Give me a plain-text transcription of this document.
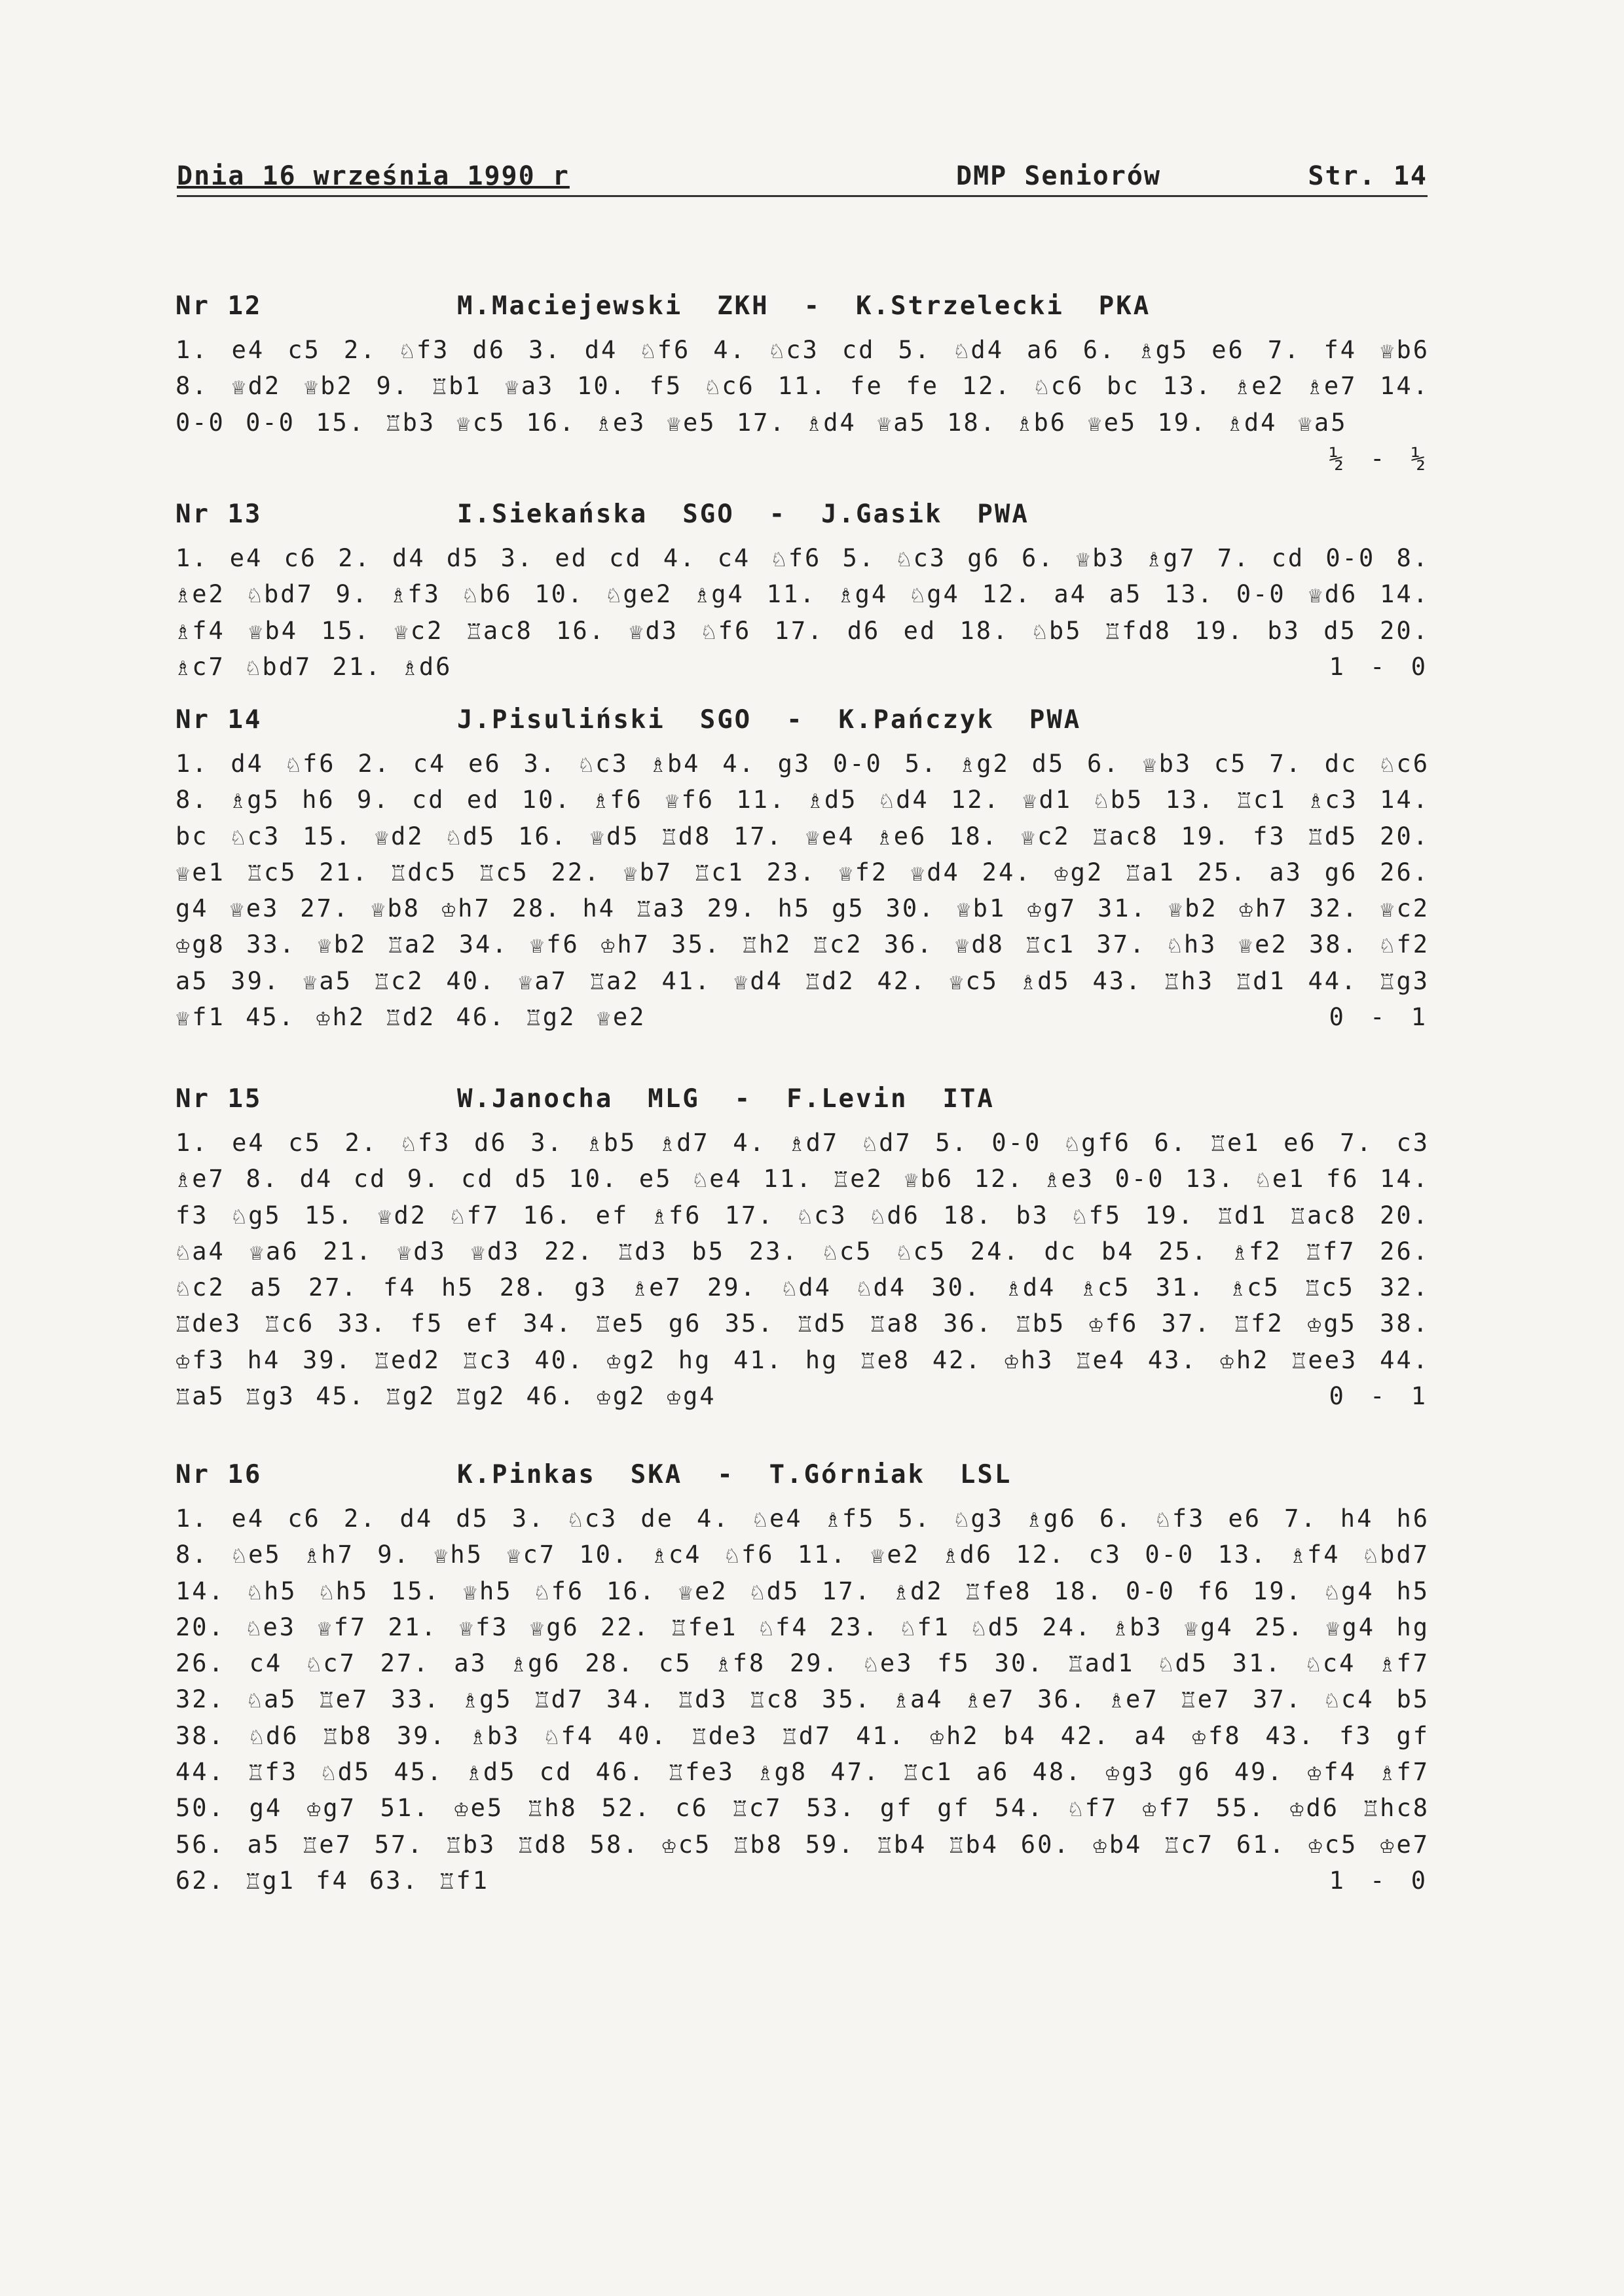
Dnia 16 września 1990 r	DMP Seniorów	Str. 14
Nr 12	M.Maciejewski  ZKH  -  K.Strzelecki  PKA
1. e4 c5 2. ♘f3 d6 3. d4 ♘f6 4. ♘c3 cd 5. ♘d4 a6 6. ♗g5 e6 7. f4 ♕b6 8. ♕d2 ♕b2 9. ♖b1 ♕a3 10. f5 ♘c6 11. fe fe 12. ♘c6 bc 13. ♗e2 ♗e7 14. 0-0 0-0 15. ♖b3 ♕c5 16. ♗e3 ♕e5 17. ♗d4 ♕a5 18. ♗b6 ♕e5 19. ♗d4 ♕a5
½ - ½
Nr 13	I.Siekańska  SGO  -  J.Gasik  PWA
1. e4 c6 2. d4 d5 3. ed cd 4. c4 ♘f6 5. ♘c3 g6 6. ♕b3 ♗g7 7. cd 0-0 8. ♗e2 ♘bd7 9. ♗f3 ♘b6 10. ♘ge2 ♗g4 11. ♗g4 ♘g4 12. a4 a5 13. 0-0 ♕d6 14. ♗f4 ♕b4 15. ♕c2 ♖ac8 16. ♕d3 ♘f6 17. d6 ed 18. ♘b5 ♖fd8 19. b3 d5 20. ♗c7 ♘bd7 21. ♗d6	1 - 0
Nr 14	J.Pisuliński  SGO  -  K.Pańczyk  PWA
1. d4 ♘f6 2. c4 e6 3. ♘c3 ♗b4 4. g3 0-0 5. ♗g2 d5 6. ♕b3 c5 7. dc ♘c6 8. ♗g5 h6 9. cd ed 10. ♗f6 ♕f6 11. ♗d5 ♘d4 12. ♕d1 ♘b5 13. ♖c1 ♗c3 14. bc ♘c3 15. ♕d2 ♘d5 16. ♕d5 ♖d8 17. ♕e4 ♗e6 18. ♕c2 ♖ac8 19. f3 ♖d5 20. ♕e1 ♖c5 21. ♖dc5 ♖c5 22. ♕b7 ♖c1 23. ♕f2 ♕d4 24. ♔g2 ♖a1 25. a3 g6 26. g4 ♕e3 27. ♕b8 ♔h7 28. h4 ♖a3 29. h5 g5 30. ♕b1 ♔g7 31. ♕b2 ♔h7 32. ♕c2 ♔g8 33. ♕b2 ♖a2 34. ♕f6 ♔h7 35. ♖h2 ♖c2 36. ♕d8 ♖c1 37. ♘h3 ♕e2 38. ♘f2 a5 39. ♕a5 ♖c2 40. ♕a7 ♖a2 41. ♕d4 ♖d2 42. ♕c5 ♗d5 43. ♖h3 ♖d1 44. ♖g3 ♕f1 45. ♔h2 ♖d2 46. ♖g2 ♕e2	0 - 1
Nr 15	W.Janocha  MLG  -  F.Levin  ITA
1. e4 c5 2. ♘f3 d6 3. ♗b5 ♗d7 4. ♗d7 ♘d7 5. 0-0 ♘gf6 6. ♖e1 e6 7. c3 ♗e7 8. d4 cd 9. cd d5 10. e5 ♘e4 11. ♖e2 ♕b6 12. ♗e3 0-0 13. ♘e1 f6 14. f3 ♘g5 15. ♕d2 ♘f7 16. ef ♗f6 17. ♘c3 ♘d6 18. b3 ♘f5 19. ♖d1 ♖ac8 20. ♘a4 ♕a6 21. ♕d3 ♕d3 22. ♖d3 b5 23. ♘c5 ♘c5 24. dc b4 25. ♗f2 ♖f7 26. ♘c2 a5 27. f4 h5 28. g3 ♗e7 29. ♘d4 ♘d4 30. ♗d4 ♗c5 31. ♗c5 ♖c5 32. ♖de3 ♖c6 33. f5 ef 34. ♖e5 g6 35. ♖d5 ♖a8 36. ♖b5 ♔f6 37. ♖f2 ♔g5 38. ♔f3 h4 39. ♖ed2 ♖c3 40. ♔g2 hg 41. hg ♖e8 42. ♔h3 ♖e4 43. ♔h2 ♖ee3 44. ♖a5 ♖g3 45. ♖g2 ♖g2 46. ♔g2 ♔g4	0 - 1
Nr 16	K.Pinkas  SKA  -  T.Górniak  LSL
1. e4 c6 2. d4 d5 3. ♘c3 de 4. ♘e4 ♗f5 5. ♘g3 ♗g6 6. ♘f3 e6 7. h4 h6 8. ♘e5 ♗h7 9. ♕h5 ♕c7 10. ♗c4 ♘f6 11. ♕e2 ♗d6 12. c3 0-0 13. ♗f4 ♘bd7 14. ♘h5 ♘h5 15. ♕h5 ♘f6 16. ♕e2 ♘d5 17. ♗d2 ♖fe8 18. 0-0 f6 19. ♘g4 h5 20. ♘e3 ♕f7 21. ♕f3 ♕g6 22. ♖fe1 ♘f4 23. ♘f1 ♘d5 24. ♗b3 ♕g4 25. ♕g4 hg 26. c4 ♘c7 27. a3 ♗g6 28. c5 ♗f8 29. ♘e3 f5 30. ♖ad1 ♘d5 31. ♘c4 ♗f7 32. ♘a5 ♖e7 33. ♗g5 ♖d7 34. ♖d3 ♖c8 35. ♗a4 ♗e7 36. ♗e7 ♖e7 37. ♘c4 b5 38. ♘d6 ♖b8 39. ♗b3 ♘f4 40. ♖de3 ♖d7 41. ♔h2 b4 42. a4 ♔f8 43. f3 gf 44. ♖f3 ♘d5 45. ♗d5 cd 46. ♖fe3 ♗g8 47. ♖c1 a6 48. ♔g3 g6 49. ♔f4 ♗f7 50. g4 ♔g7 51. ♔e5 ♖h8 52. c6 ♖c7 53. gf gf 54. ♘f7 ♔f7 55. ♔d6 ♖hc8 56. a5 ♖e7 57. ♖b3 ♖d8 58. ♔c5 ♖b8 59. ♖b4 ♖b4 60. ♔b4 ♖c7 61. ♔c5 ♔e7 62. ♖g1 f4 63. ♖f1	1 - 0
